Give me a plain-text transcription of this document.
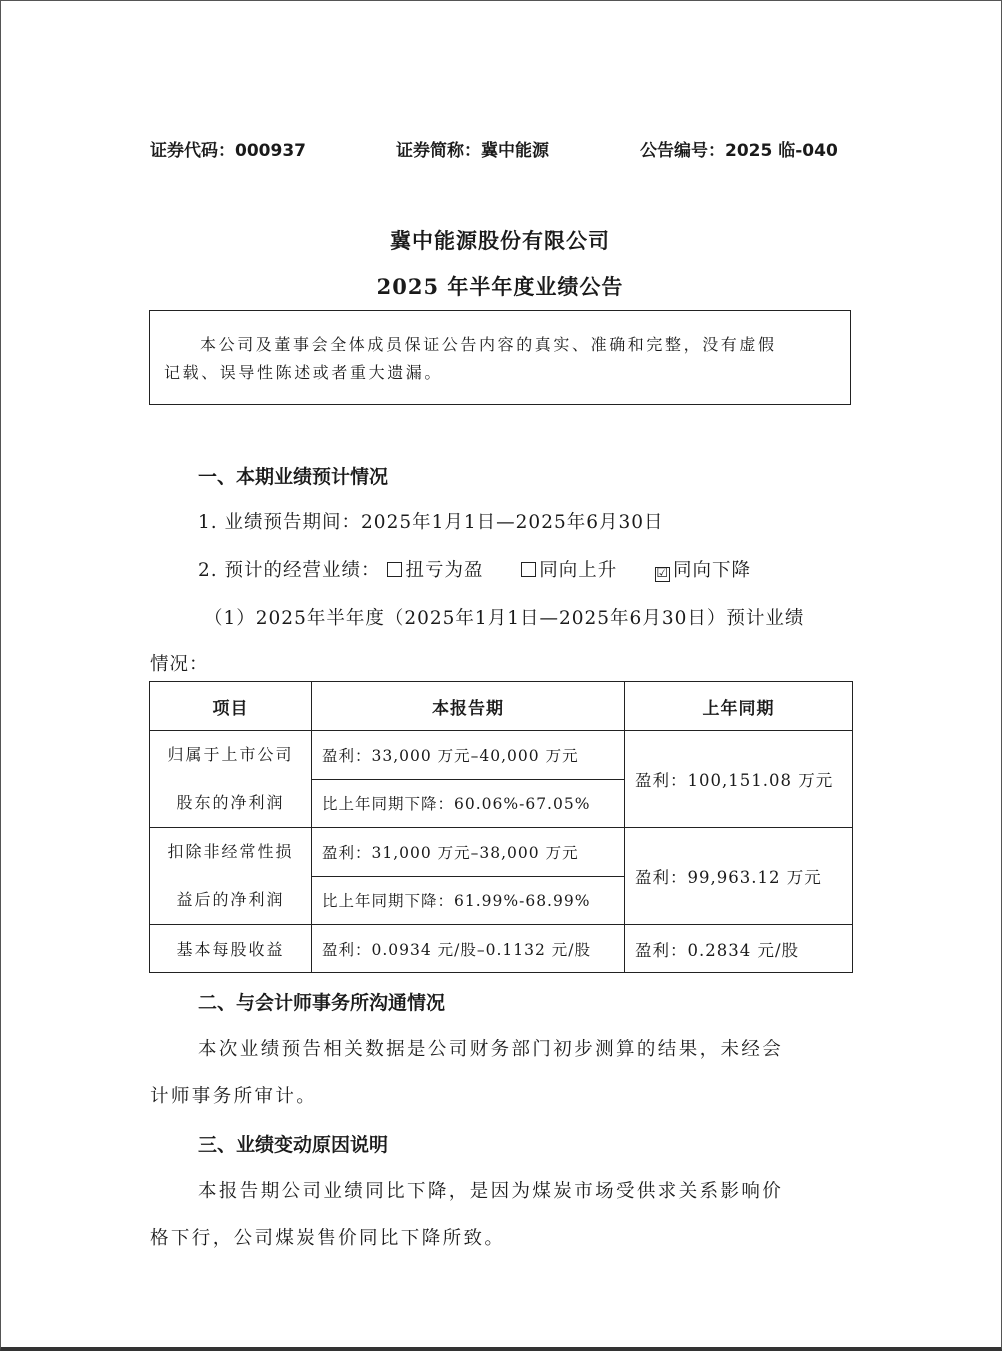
证券代码：000937	证券简称：冀中能源	公告编号：2025 临-040
冀中能源股份有限公司
2025 年半年度业绩公告
本公司及董事会全体成员保证公告内容的真实、准确和完整，没有虚假
记载、误导性陈述或者重大遗漏。
一、本期业绩预计情况
1. 业绩预告期间：2025年1月1日—2025年6月30日
2. 预计的经营业绩： 扭亏为盈	同向上升	☑ 同向下降
（1）2025年半年度（2025年1月1日—2025年6月30日）预计业绩
情况：
项目	本报告期	上年同期
归属于上市公司股东的净利润	盈利：33,000 万元–40,000 万元	盈利：100,151.08 万元
	比上年同期下降：60.06%-67.05%	
扣除非经常性损益后的净利润	盈利：31,000 万元–38,000 万元	盈利：99,963.12 万元
	比上年同期下降：61.99%-68.99%	
基本每股收益	盈利：0.0934 元/股–0.1132 元/股	盈利：0.2834 元/股
二、与会计师事务所沟通情况
本次业绩预告相关数据是公司财务部门初步测算的结果，未经会
计师事务所审计。
三、业绩变动原因说明
本报告期公司业绩同比下降，是因为煤炭市场受供求关系影响价
格下行，公司煤炭售价同比下降所致。
